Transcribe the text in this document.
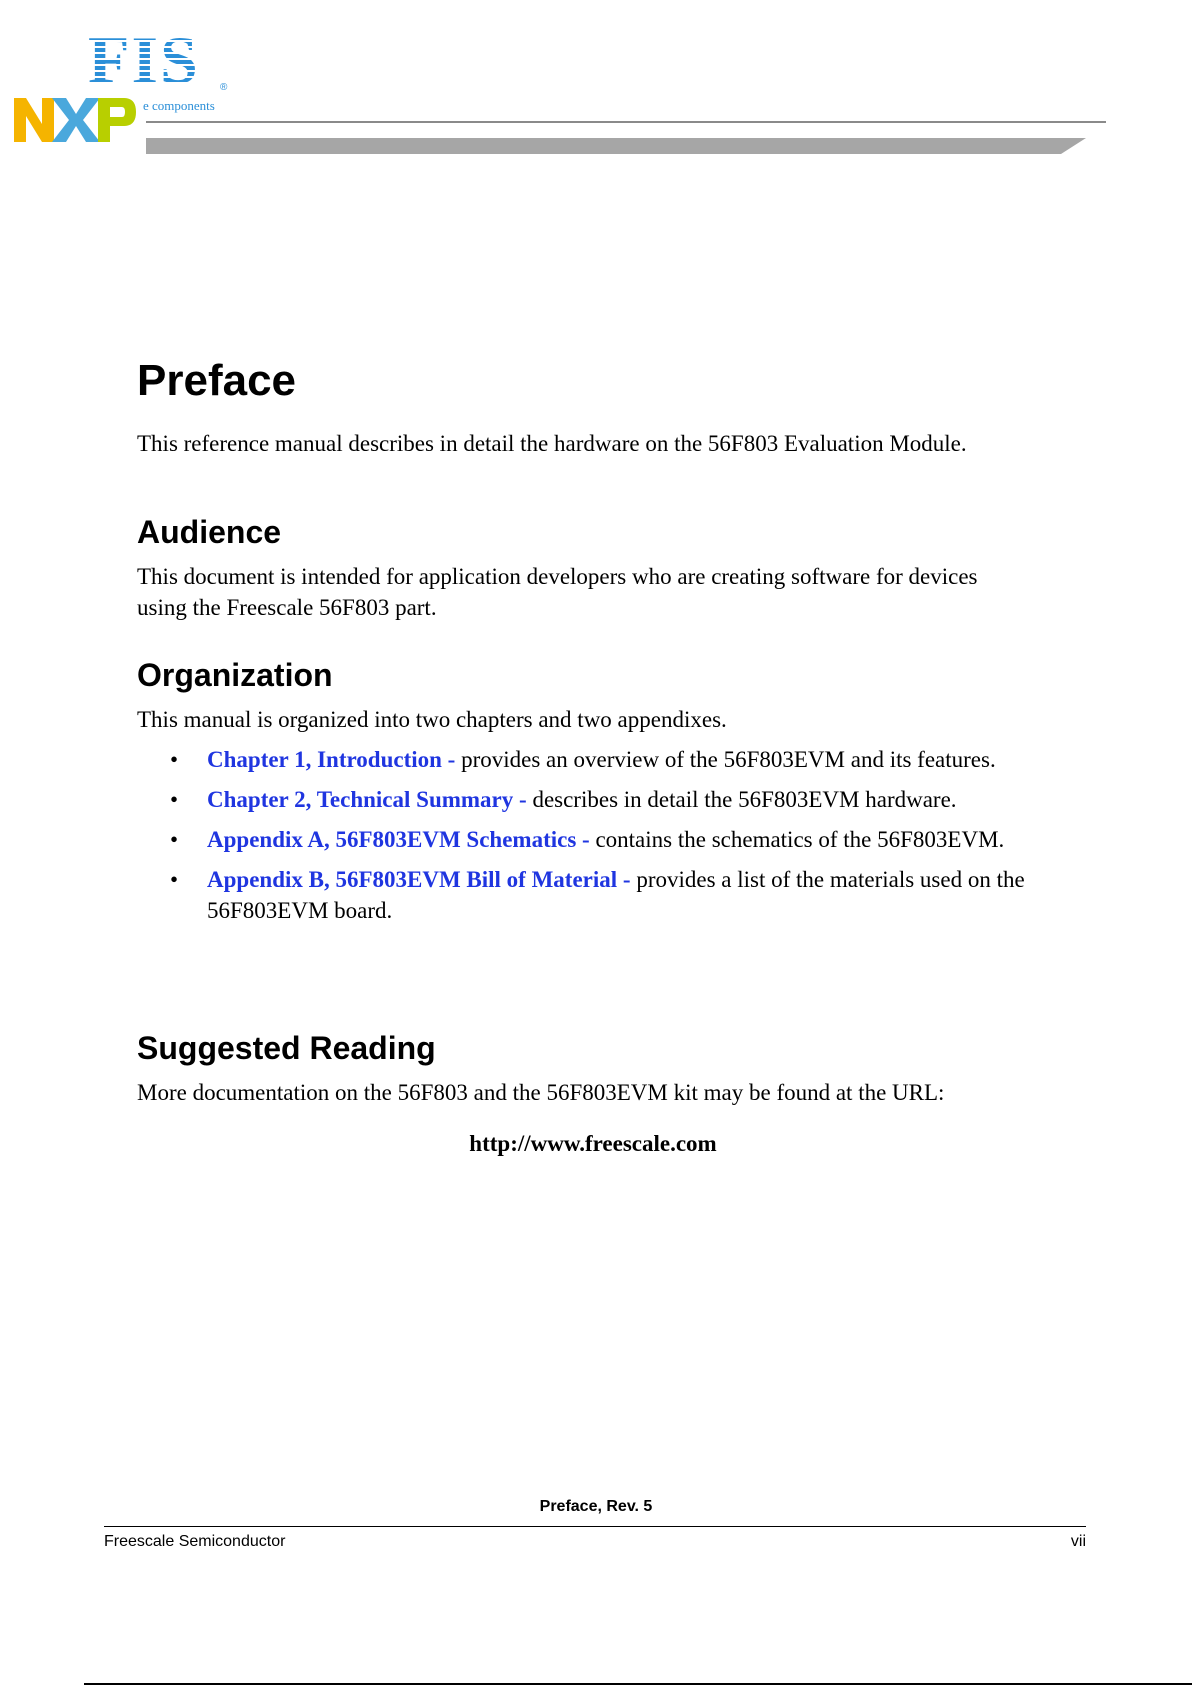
FIS ®
e components
Preface
This reference manual describes in detail the hardware on the 56F803 Evaluation Module.
Audience
This document is intended for application developers who are creating software for devices using the Freescale 56F803 part.
Organization
This manual is organized into two chapters and two appendixes.
• Chapter 1, Introduction - provides an overview of the 56F803EVM and its features.
• Chapter 2, Technical Summary - describes in detail the 56F803EVM hardware.
• Appendix A, 56F803EVM Schematics - contains the schematics of the 56F803EVM.
• Appendix B, 56F803EVM Bill of Material - provides a list of the materials used on the 56F803EVM board.
Suggested Reading
More documentation on the 56F803 and the 56F803EVM kit may be found at the URL:
http://www.freescale.com
Preface, Rev. 5
Freescale Semiconductor	vii
